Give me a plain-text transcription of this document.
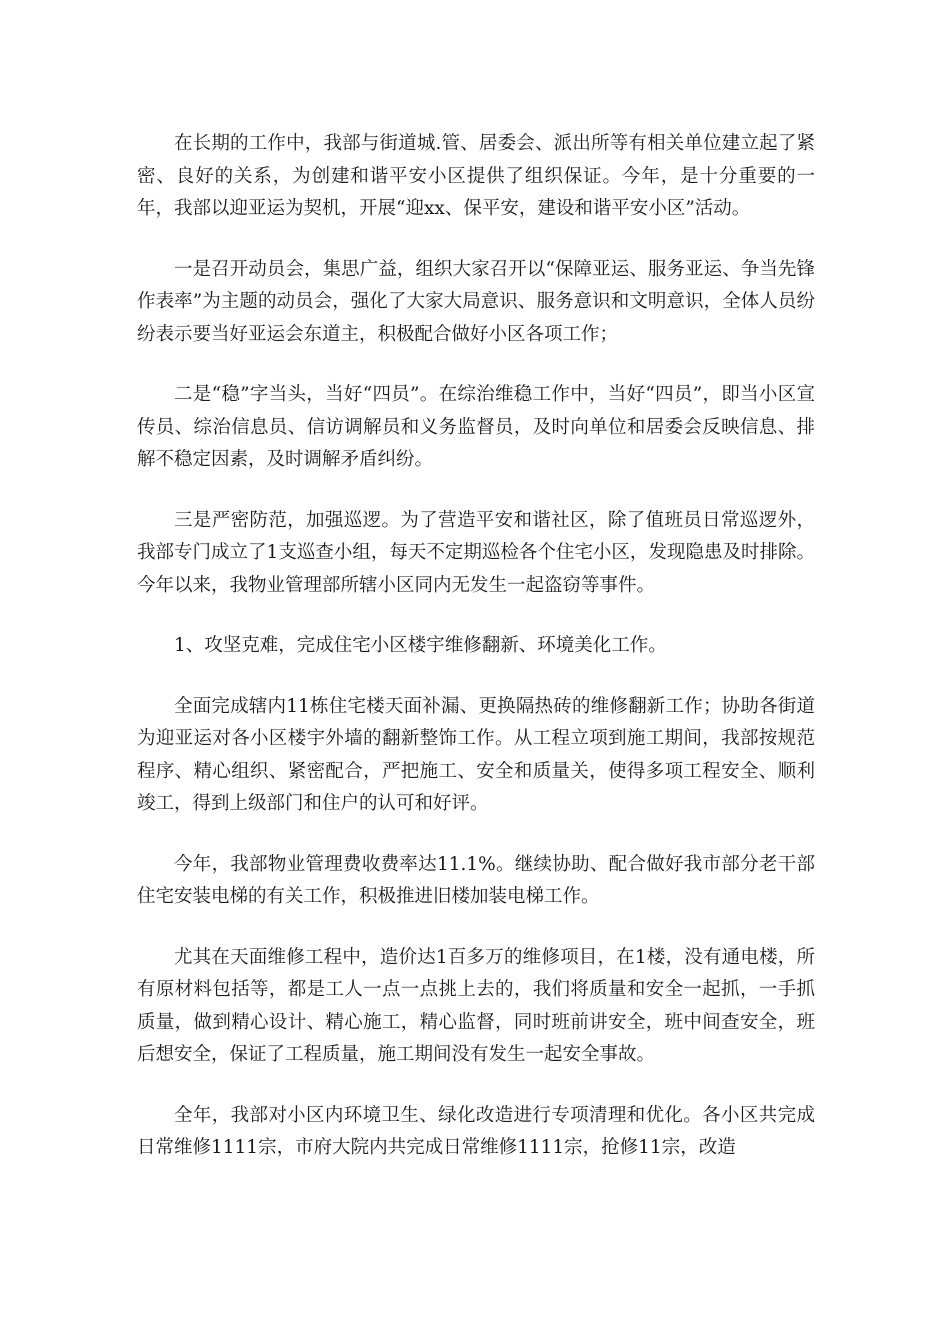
在长期的工作中，我部与街道城.管、居委会、派出所等有相关单位建立起了紧密、良好的关系，为创建和谐平安小区提供了组织保证。今年，是十分重要的一年，我部以迎亚运为契机，开展“迎xx、保平安，建设和谐平安小区”活动。

一是召开动员会，集思广益，组织大家召开以“保障亚运、服务亚运、争当先锋作表率”为主题的动员会，强化了大家大局意识、服务意识和文明意识，全体人员纷纷表示要当好亚运会东道主，积极配合做好小区各项工作；

二是“稳”字当头，当好“四员”。在综治维稳工作中，当好“四员”，即当小区宣传员、综治信息员、信访调解员和义务监督员，及时向单位和居委会反映信息、排解不稳定因素，及时调解矛盾纠纷。

三是严密防范，加强巡逻。为了营造平安和谐社区，除了值班员日常巡逻外，我部专门成立了1支巡查小组，每天不定期巡检各个住宅小区，发现隐患及时排除。今年以来，我物业管理部所辖小区同内无发生一起盗窃等事件。

1、攻坚克难，完成住宅小区楼宇维修翻新、环境美化工作。

全面完成辖内11栋住宅楼天面补漏、更换隔热砖的维修翻新工作；协助各街道为迎亚运对各小区楼宇外墙的翻新整饰工作。从工程立项到施工期间，我部按规范程序、精心组织、紧密配合，严把施工、安全和质量关，使得多项工程安全、顺利竣工，得到上级部门和住户的认可和好评。

今年，我部物业管理费收费率达11.1%。继续协助、配合做好我市部分老干部住宅安装电梯的有关工作，积极推进旧楼加装电梯工作。

尤其在天面维修工程中，造价达1百多万的维修项目，在1楼，没有通电楼，所有原材料包括等，都是工人一点一点挑上去的，我们将质量和安全一起抓，一手抓质量，做到精心设计、精心施工，精心监督，同时班前讲安全，班中间查安全，班后想安全，保证了工程质量，施工期间没有发生一起安全事故。

全年，我部对小区内环境卫生、绿化改造进行专项清理和优化。各小区共完成日常维修1111宗，市府大院内共完成日常维修1111宗，抢修11宗，改造
